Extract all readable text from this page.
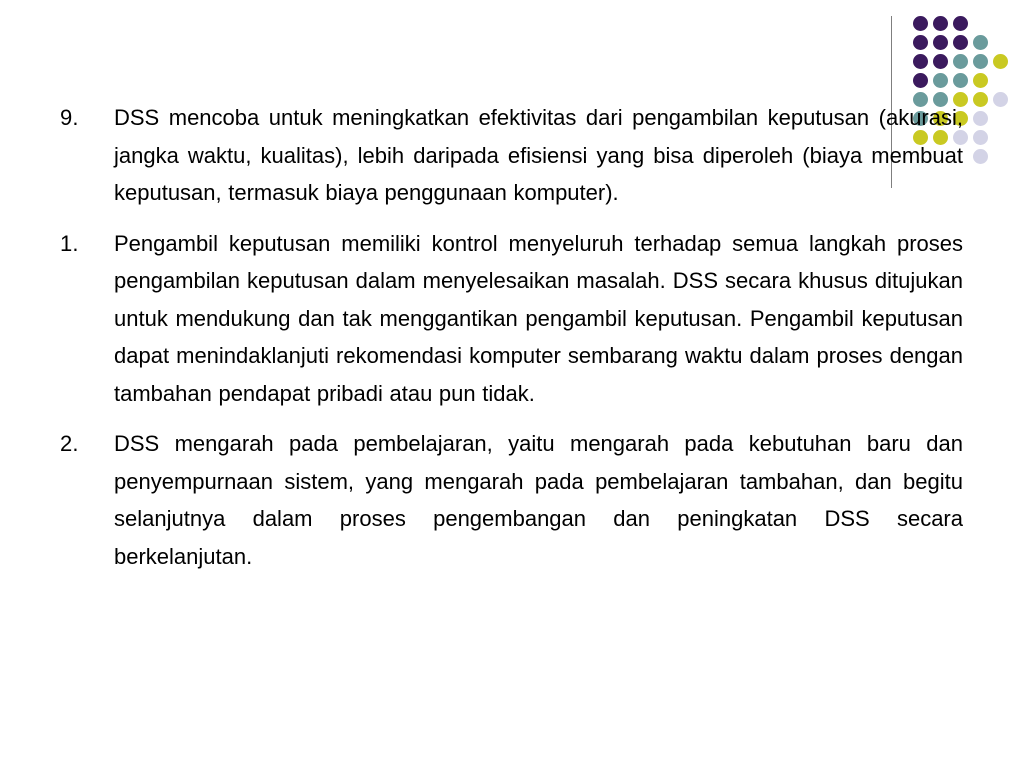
9.	DSS mencoba untuk meningkatkan efektivitas dari pengambilan keputusan (akurasi, jangka waktu, kualitas), lebih daripada efisiensi yang bisa diperoleh (biaya membuat keputusan, termasuk biaya penggunaan komputer).
1.	Pengambil keputusan memiliki kontrol menyeluruh terhadap semua langkah proses pengambilan keputusan dalam menyelesaikan masalah. DSS secara khusus ditujukan untuk mendukung dan tak menggantikan pengambil keputusan. Pengambil keputusan dapat menindaklanjuti rekomendasi komputer sembarang waktu dalam proses dengan tambahan pendapat pribadi atau pun tidak.
2.	DSS mengarah pada pembelajaran, yaitu mengarah pada kebutuhan baru dan penyempurnaan sistem, yang mengarah pada pembelajaran tambahan, dan begitu selanjutnya dalam proses pengembangan dan peningkatan DSS secara berkelanjutan.
